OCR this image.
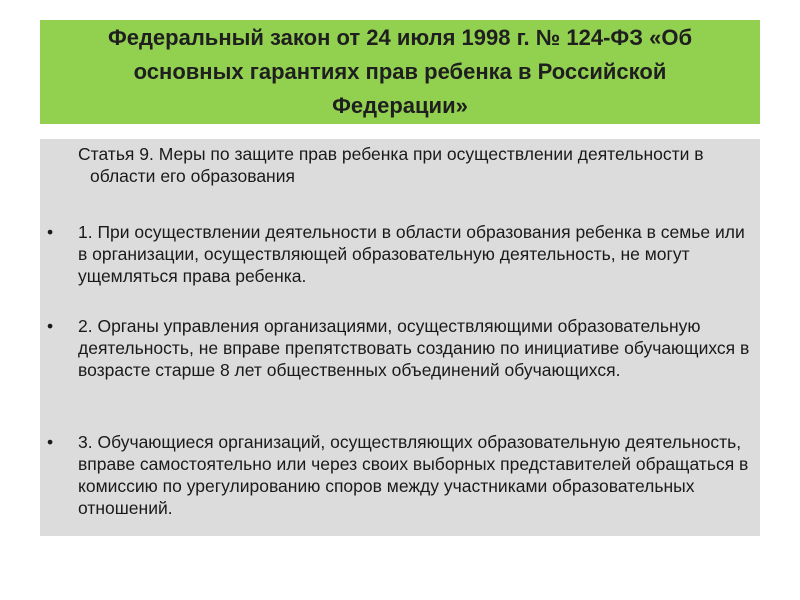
Федеральный закон от 24 июля 1998 г. № 124-ФЗ «Об основных гарантиях прав ребенка в Российской Федерации»
Статья 9. Меры по защите прав ребенка при осуществлении деятельности в области его образования
• 1. При осуществлении деятельности в области образования ребенка в семье или в организации, осуществляющей образовательную деятельность, не могут ущемляться права ребенка.
• 2. Органы управления организациями, осуществляющими образовательную деятельность, не вправе препятствовать созданию по инициативе обучающихся в возрасте старше 8 лет общественных объединений обучающихся.
• 3. Обучающиеся организаций, осуществляющих образовательную деятельность, вправе самостоятельно или через своих выборных представителей обращаться в комиссию по урегулированию споров между участниками образовательных отношений.
